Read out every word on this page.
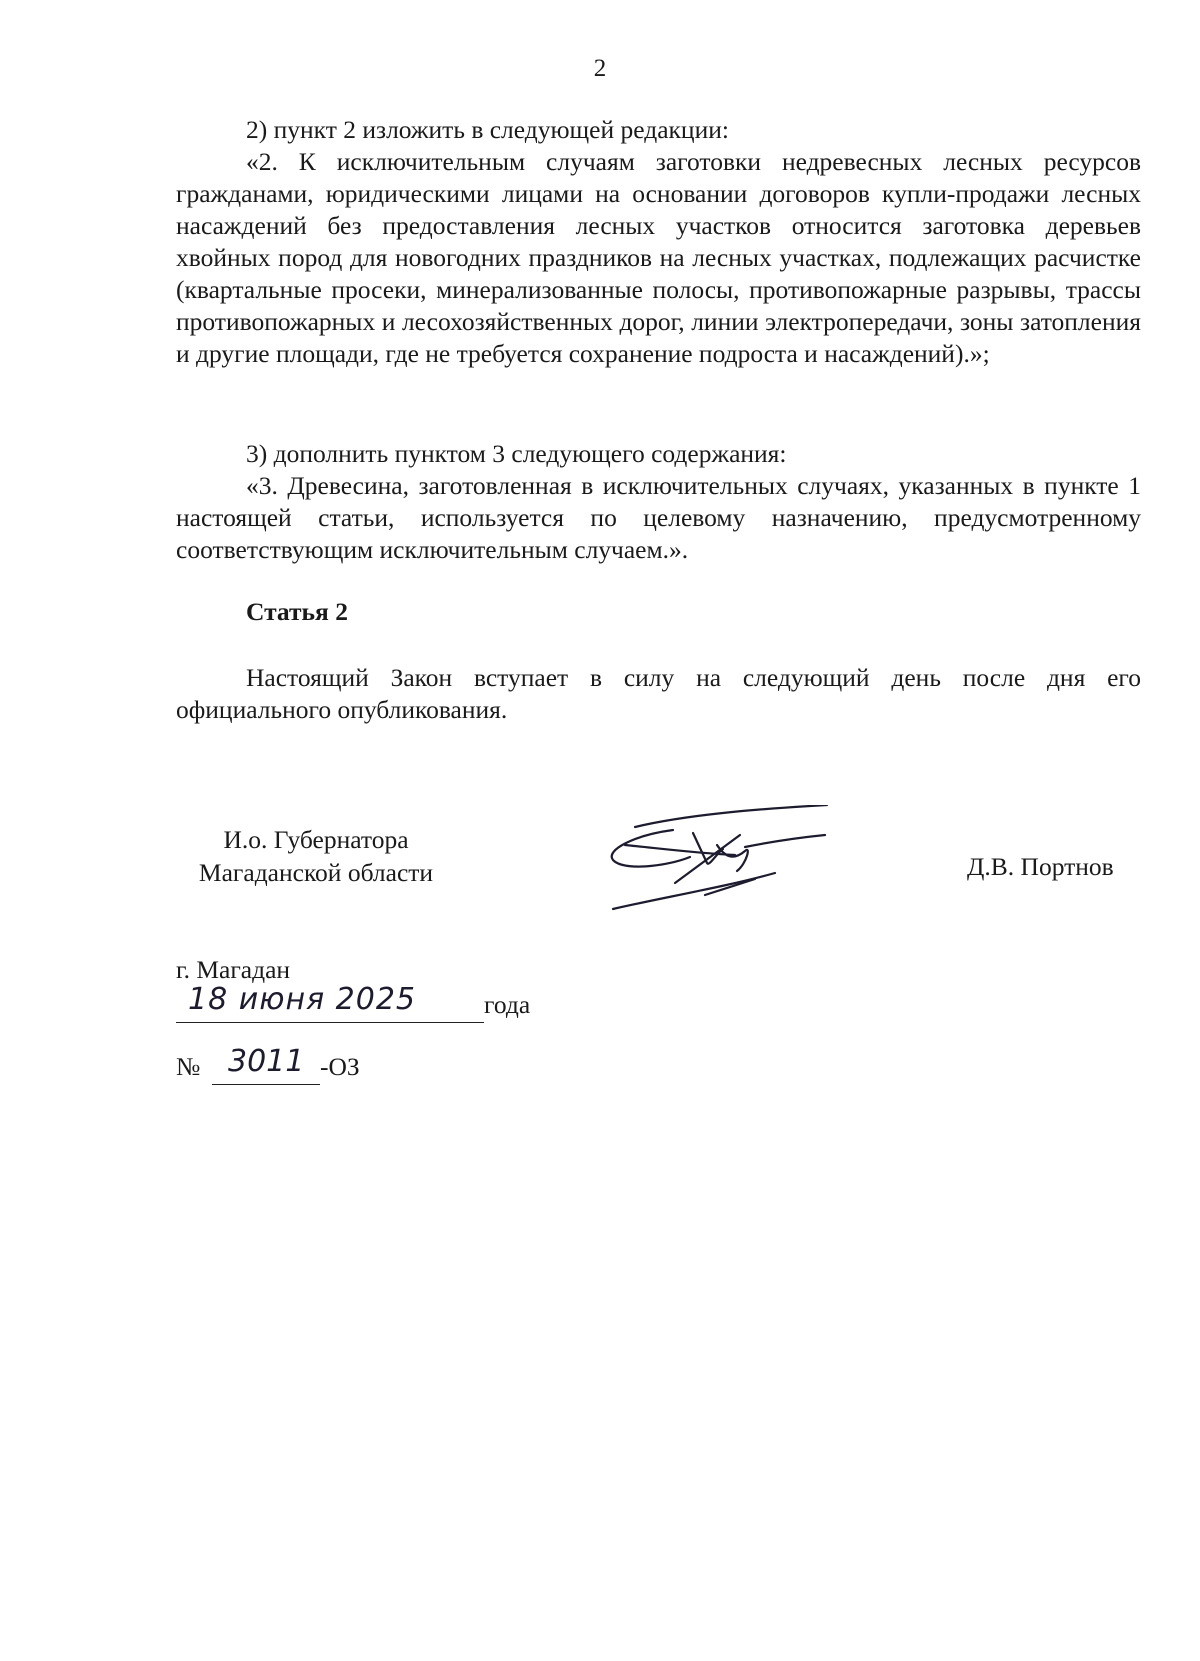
2

2) пункт 2 изложить в следующей редакции:

«2. К исключительным случаям заготовки недревесных лесных ресурсов гражданами, юридическими лицами на основании договоров купли-продажи лесных насаждений без предоставления лесных участков относится заготовка деревьев хвойных пород для новогодних праздников на лесных участках, подлежащих расчистке (квартальные просеки, минерализованные полосы, противопожарные разрывы, трассы противопожарных и лесохозяйственных дорог, линии электропередачи, зоны затопления и другие площади, где не требуется сохранение подроста и насаждений).»;

3) дополнить пунктом 3 следующего содержания:

«3. Древесина, заготовленная в исключительных случаях, указанных в пункте 1 настоящей статьи, используется по целевому назначению, предусмотренному соответствующим исключительным случаем.».

Статья 2

Настоящий Закон вступает в силу на следующий день после дня его официального опубликования.

И.о. Губернатора
Магаданской области	Д.В. Портнов
г. Магадан
18 июня 2025	года
№ 3011 -ОЗ
